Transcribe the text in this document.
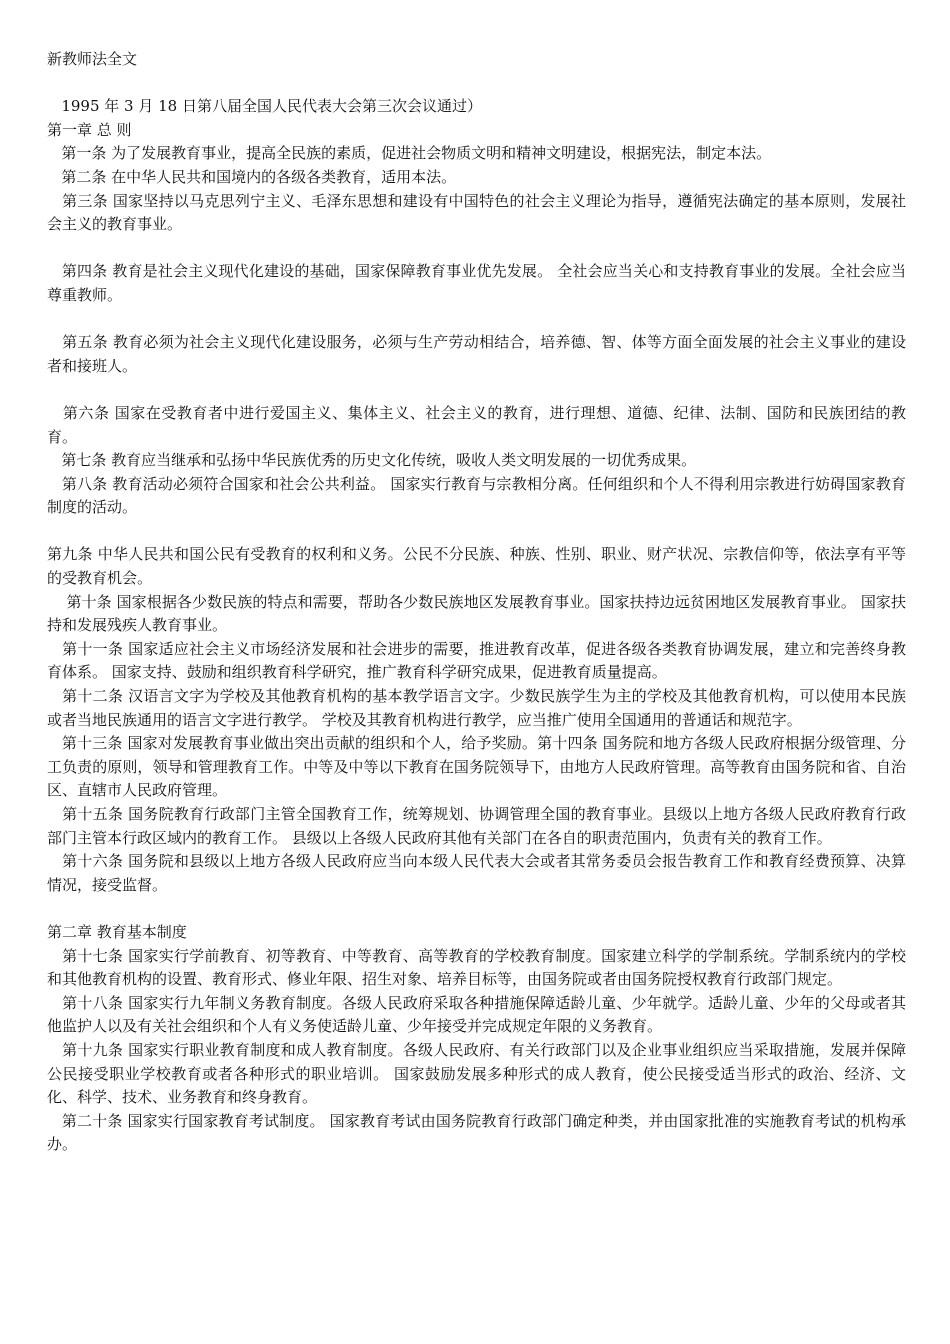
新教师法全文

1995 年 3 月 18 日第八届全国人民代表大会第三次会议通过）

第一章 总 则

第一条 为了发展教育事业，提高全民族的素质，促进社会物质文明和精神文明建设，根据宪法，制定本法。

第二条 在中华人民共和国境内的各级各类教育，适用本法。

第三条 国家坚持以马克思列宁主义、毛泽东思想和建设有中国特色的社会主义理论为指导，遵循宪法确定的基本原则，发展社会主义的教育事业。

第四条 教育是社会主义现代化建设的基础，国家保障教育事业优先发展。 全社会应当关心和支持教育事业的发展。全社会应当尊重教师。

第五条 教育必须为社会主义现代化建设服务，必须与生产劳动相结合，培养德、智、体等方面全面发展的社会主义事业的建设者和接班人。

第六条 国家在受教育者中进行爱国主义、集体主义、社会主义的教育，进行理想、道德、纪律、法制、国防和民族团结的教育。

第七条 教育应当继承和弘扬中华民族优秀的历史文化传统，吸收人类文明发展的一切优秀成果。

第八条 教育活动必须符合国家和社会公共利益。 国家实行教育与宗教相分离。任何组织和个人不得利用宗教进行妨碍国家教育制度的活动。

第九条 中华人民共和国公民有受教育的权利和义务。公民不分民族、种族、性别、职业、财产状况、宗教信仰等，依法享有平等的受教育机会。

第十条 国家根据各少数民族的特点和需要，帮助各少数民族地区发展教育事业。国家扶持边远贫困地区发展教育事业。 国家扶持和发展残疾人教育事业。

第十一条 国家适应社会主义市场经济发展和社会进步的需要，推进教育改革，促进各级各类教育协调发展，建立和完善终身教育体系。 国家支持、鼓励和组织教育科学研究，推广教育科学研究成果，促进教育质量提高。

第十二条 汉语言文字为学校及其他教育机构的基本教学语言文字。少数民族学生为主的学校及其他教育机构，可以使用本民族或者当地民族通用的语言文字进行教学。 学校及其教育机构进行教学，应当推广使用全国通用的普通话和规范字。

第十三条 国家对发展教育事业做出突出贡献的组织和个人，给予奖励。第十四条 国务院和地方各级人民政府根据分级管理、分工负责的原则，领导和管理教育工作。中等及中等以下教育在国务院领导下，由地方人民政府管理。高等教育由国务院和省、自治区、直辖市人民政府管理。

第十五条 国务院教育行政部门主管全国教育工作，统筹规划、协调管理全国的教育事业。县级以上地方各级人民政府教育行政部门主管本行政区域内的教育工作。 县级以上各级人民政府其他有关部门在各自的职责范围内，负责有关的教育工作。

第十六条 国务院和县级以上地方各级人民政府应当向本级人民代表大会或者其常务委员会报告教育工作和教育经费预算、决算情况，接受监督。

第二章 教育基本制度

第十七条 国家实行学前教育、初等教育、中等教育、高等教育的学校教育制度。国家建立科学的学制系统。学制系统内的学校和其他教育机构的设置、教育形式、修业年限、招生对象、培养目标等，由国务院或者由国务院授权教育行政部门规定。

第十八条 国家实行九年制义务教育制度。各级人民政府采取各种措施保障适龄儿童、少年就学。适龄儿童、少年的父母或者其他监护人以及有关社会组织和个人有义务使适龄儿童、少年接受并完成规定年限的义务教育。

第十九条 国家实行职业教育制度和成人教育制度。各级人民政府、有关行政部门以及企业事业组织应当采取措施，发展并保障公民接受职业学校教育或者各种形式的职业培训。 国家鼓励发展多种形式的成人教育，使公民接受适当形式的政治、经济、文化、科学、技术、业务教育和终身教育。

第二十条 国家实行国家教育考试制度。 国家教育考试由国务院教育行政部门确定种类，并由国家批准的实施教育考试的机构承办。
